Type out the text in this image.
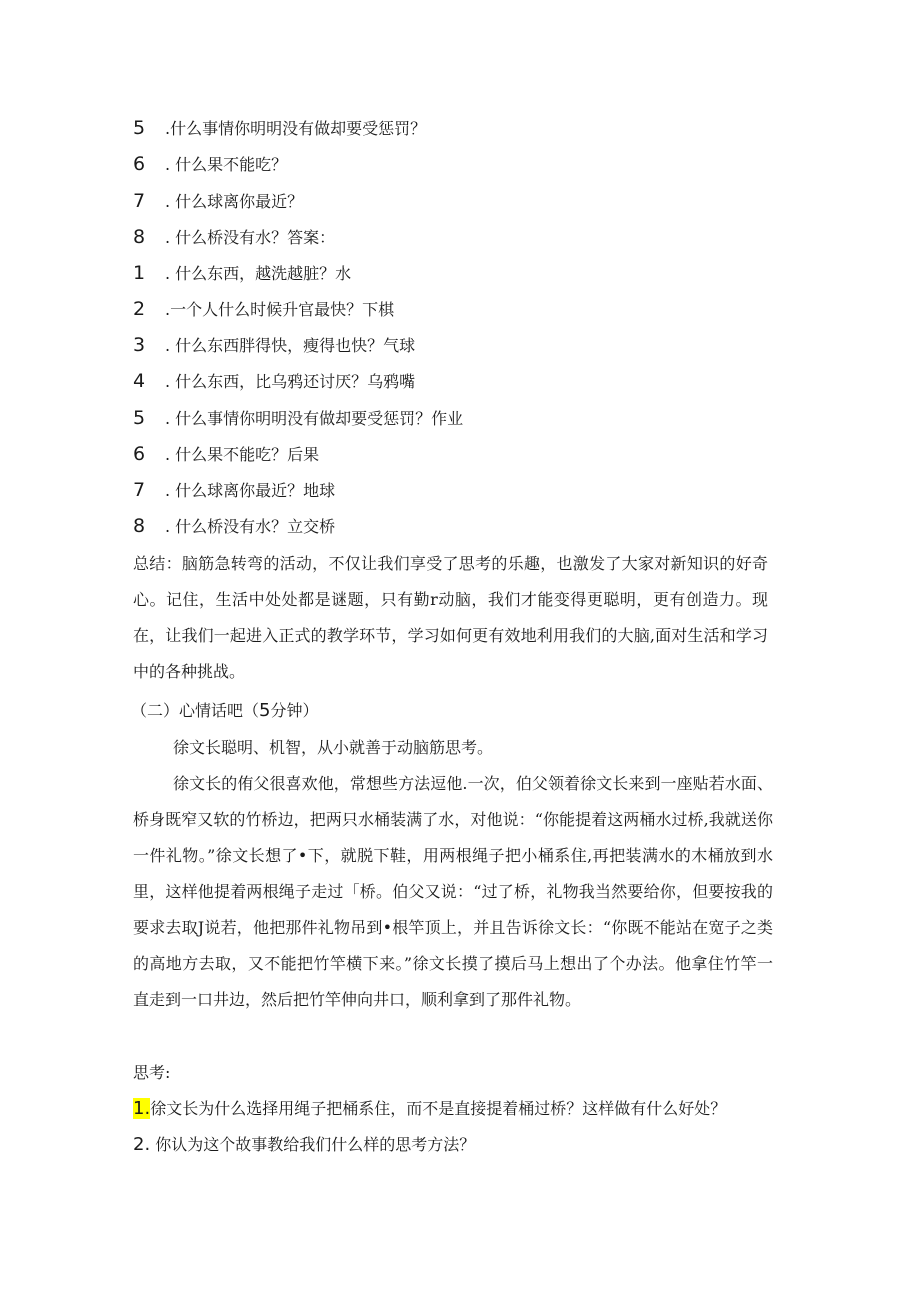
5 .什么事情你明明没有做却要受惩罚？
6 . 什么果不能吃？
7 . 什么球离你最近？
8 . 什么桥没有水？答案：
1 . 什么东西，越洗越脏？水
2 .一个人什么时候升官最快？下棋
3 . 什么东西胖得快，瘦得也快？气球
4 . 什么东西，比乌鸦还讨厌？乌鸦嘴
5 . 什么事情你明明没有做却要受惩罚？作业
6 . 什么果不能吃？后果
7 . 什么球离你最近？地球
8 . 什么桥没有水？立交桥
总结：脑筋急转弯的活动，不仅让我们享受了思考的乐趣，也激发了大家对新知识的好奇心。记住，生活中处处都是谜题，只有勤r动脑，我们才能变得更聪明，更有创造力。现在，让我们一起进入正式的教学环节，学习如何更有效地利用我们的大脑,面对生活和学习中的各种挑战。
（二）心情话吧（5分钟）
徐文长聪明、机智，从小就善于动脑筋思考。
徐文长的侑父很喜欢他，常想些方法逗他.一次，伯父领着徐文长来到一座贴若水面、桥身既窄又软的竹桥边，把两只水桶装满了水，对他说：“你能提着这两桶水过桥,我就送你一件礼物。”徐文长想了•下，就脱下鞋，用两根绳子把小桶系住,再把装满水的木桶放到水里，这样他提着两根绳子走过「桥。伯父又说：“过了桥，礼物我当然要给你，但要按我的要求去取J说若，他把那件礼物吊到•根竿顶上，并且告诉徐文长：“你既不能站在宽子之类的高地方去取，又不能把竹竿横下来。”徐文长摸了摸后马上想出了个办法。他拿住竹竿一直走到一口井边，然后把竹竿伸向井口，顺利拿到了那件礼物。
思考:
1.徐文长为什么选择用绳子把桶系住，而不是直接提着桶过桥？这样做有什么好处？
2. 你认为这个故事教给我们什么样的思考方法？
